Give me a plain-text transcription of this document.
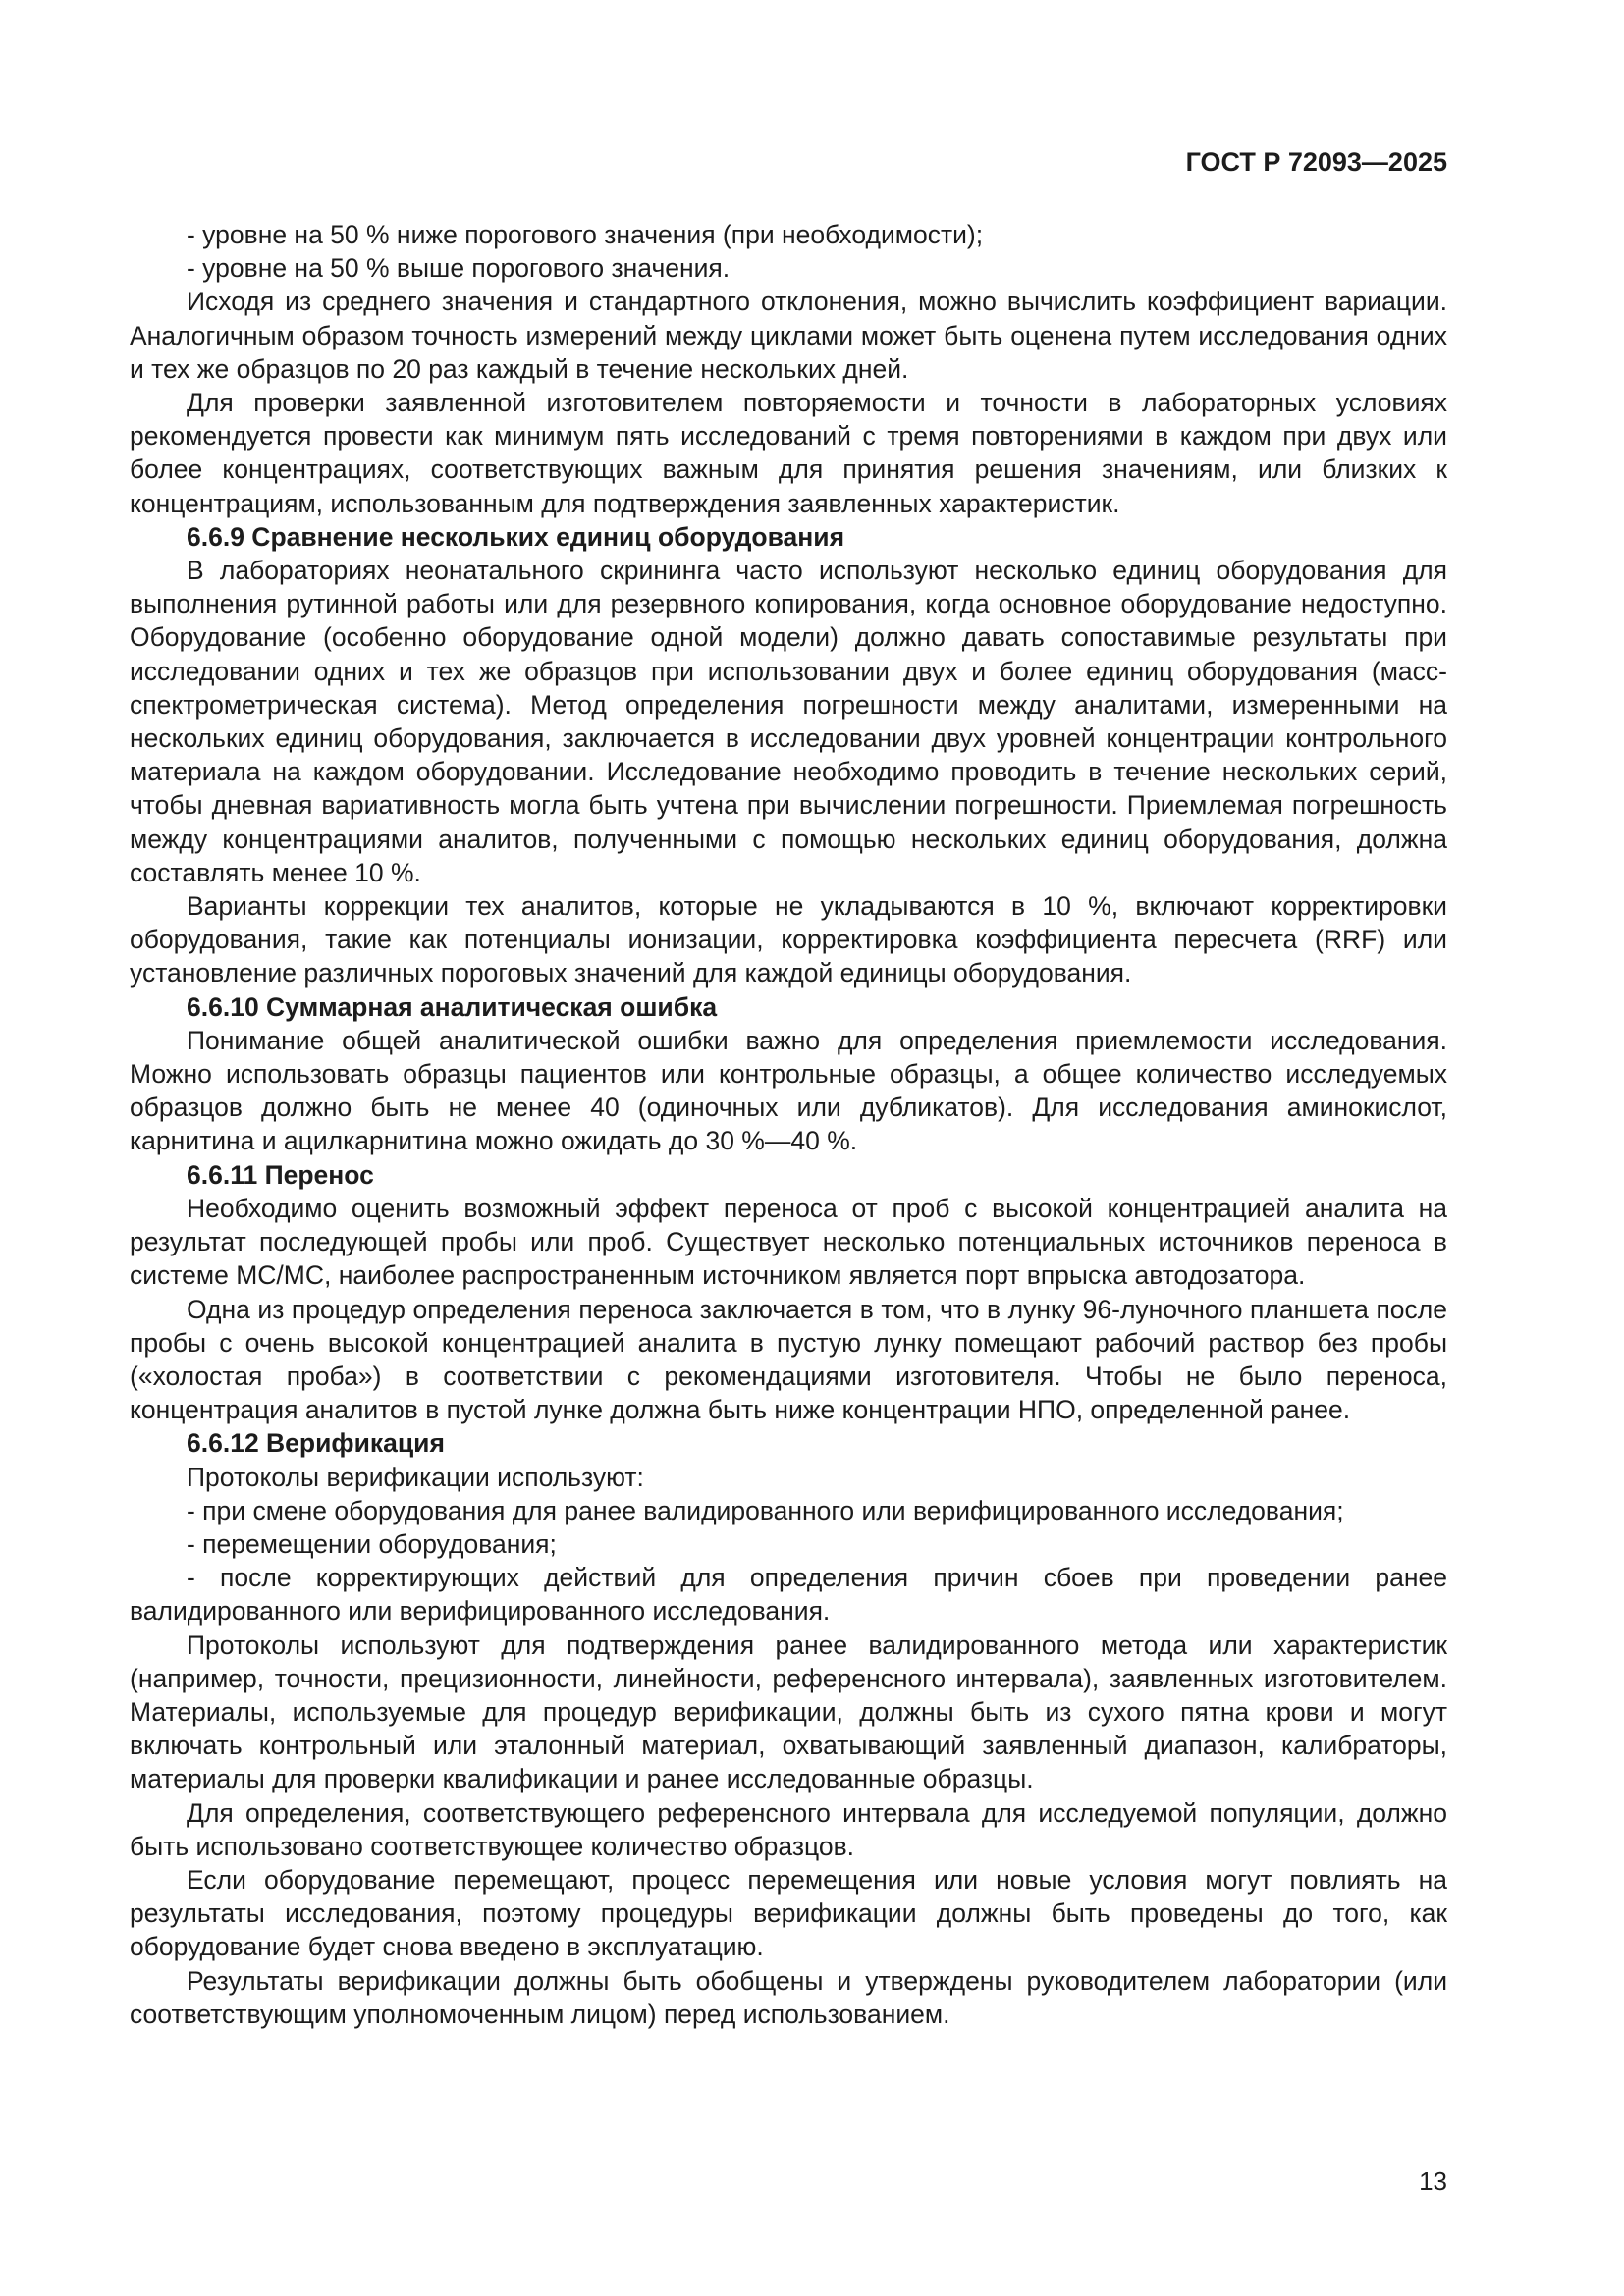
ГОСТ Р 72093—2025

- уровне на 50 % ниже порогового значения (при необходимости);

- уровне на 50 % выше порогового значения.

Исходя из среднего значения и стандартного отклонения, можно вычислить коэффициент вариации. Аналогичным образом точность измерений между циклами может быть оценена путем исследования одних и тех же образцов по 20 раз каждый в течение нескольких дней.

Для проверки заявленной изготовителем повторяемости и точности в лабораторных условиях рекомендуется провести как минимум пять исследований с тремя повторениями в каждом при двух или более концентрациях, соответствующих важным для принятия решения значениям, или близких к концентрациям, использованным для подтверждения заявленных характеристик.

6.6.9 Сравнение нескольких единиц оборудования

В лабораториях неонатального скрининга часто используют несколько единиц оборудования для выполнения рутинной работы или для резервного копирования, когда основное оборудование недоступно. Оборудование (особенно оборудование одной модели) должно давать сопоставимые результаты при исследовании одних и тех же образцов при использовании двух и более единиц оборудования (масс-спектрометрическая система). Метод определения погрешности между аналитами, измеренными на нескольких единиц оборудования, заключается в исследовании двух уровней концентрации контрольного материала на каждом оборудовании. Исследование необходимо проводить в течение нескольких серий, чтобы дневная вариативность могла быть учтена при вычислении погрешности. Приемлемая погрешность между концентрациями аналитов, полученными с помощью нескольких единиц оборудования, должна составлять менее 10 %.

Варианты коррекции тех аналитов, которые не укладываются в 10 %, включают корректировки оборудования, такие как потенциалы ионизации, корректировка коэффициента пересчета (RRF) или установление различных пороговых значений для каждой единицы оборудования.

6.6.10 Суммарная аналитическая ошибка

Понимание общей аналитической ошибки важно для определения приемлемости исследования. Можно использовать образцы пациентов или контрольные образцы, а общее количество исследуемых образцов должно быть не менее 40 (одиночных или дубликатов). Для исследования аминокислот, карнитина и ацилкарнитина можно ожидать до 30 %—40 %.

6.6.11 Перенос

Необходимо оценить возможный эффект переноса от проб с высокой концентрацией аналита на результат последующей пробы или проб. Существует несколько потенциальных источников переноса в системе МС/МС, наиболее распространенным источником является порт впрыска автодозатора.

Одна из процедур определения переноса заключается в том, что в лунку 96-луночного планшета после пробы с очень высокой концентрацией аналита в пустую лунку помещают рабочий раствор без пробы («холостая проба») в соответствии с рекомендациями изготовителя. Чтобы не было переноса, концентрация аналитов в пустой лунке должна быть ниже концентрации НПО, определенной ранее.

6.6.12 Верификация

Протоколы верификации используют:

- при смене оборудования для ранее валидированного или верифицированного исследования;

- перемещении оборудования;

- после корректирующих действий для определения причин сбоев при проведении ранее валидированного или верифицированного исследования.

Протоколы используют для подтверждения ранее валидированного метода или характеристик (например, точности, прецизионности, линейности, референсного интервала), заявленных изготовителем. Материалы, используемые для процедур верификации, должны быть из сухого пятна крови и могут включать контрольный или эталонный материал, охватывающий заявленный диапазон, калибраторы, материалы для проверки квалификации и ранее исследованные образцы.

Для определения, соответствующего референсного интервала для исследуемой популяции, должно быть использовано соответствующее количество образцов.

Если оборудование перемещают, процесс перемещения или новые условия могут повлиять на результаты исследования, поэтому процедуры верификации должны быть проведены до того, как оборудование будет снова введено в эксплуатацию.

Результаты верификации должны быть обобщены и утверждены руководителем лаборатории (или соответствующим уполномоченным лицом) перед использованием.

13
